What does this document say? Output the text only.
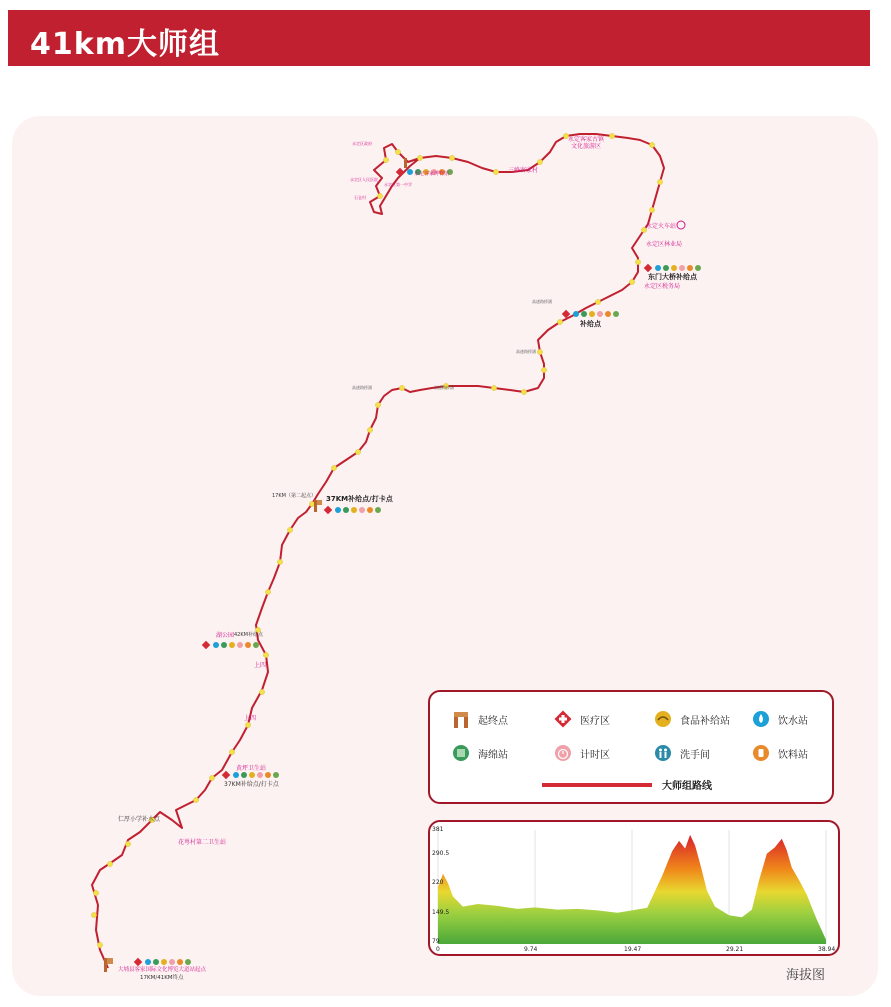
41km大师组
大埔县客家国际文化博览大道站起点
17KM/41KM终点
仁厚小学补水点
花萼村第二卫生站
37KM补给点/打卡点
黄坪卫生站
上四
上四
湖公园 42KM补给点
17KM（第二起点） 37KM补给点/打卡点
补给点
东门大桥补给点
永定区税务局
永定火车站
永定区林业局
永定客家古镇
文化旅游区
三峰客家村
高速路桥涵
高速路桥涵
高速路桥涵
高速路桥涵
永定区政府
永定区人民医院
永定客家博物馆
永定区第一中学
石仓村
起终点	医疗区	食品补给站	饮水站
海绵站	计时区	洗手间	饮料站
大师组路线
381
290.5
220
149.5
79
0	9.74	19.47	29.21	38.94
海拔图
